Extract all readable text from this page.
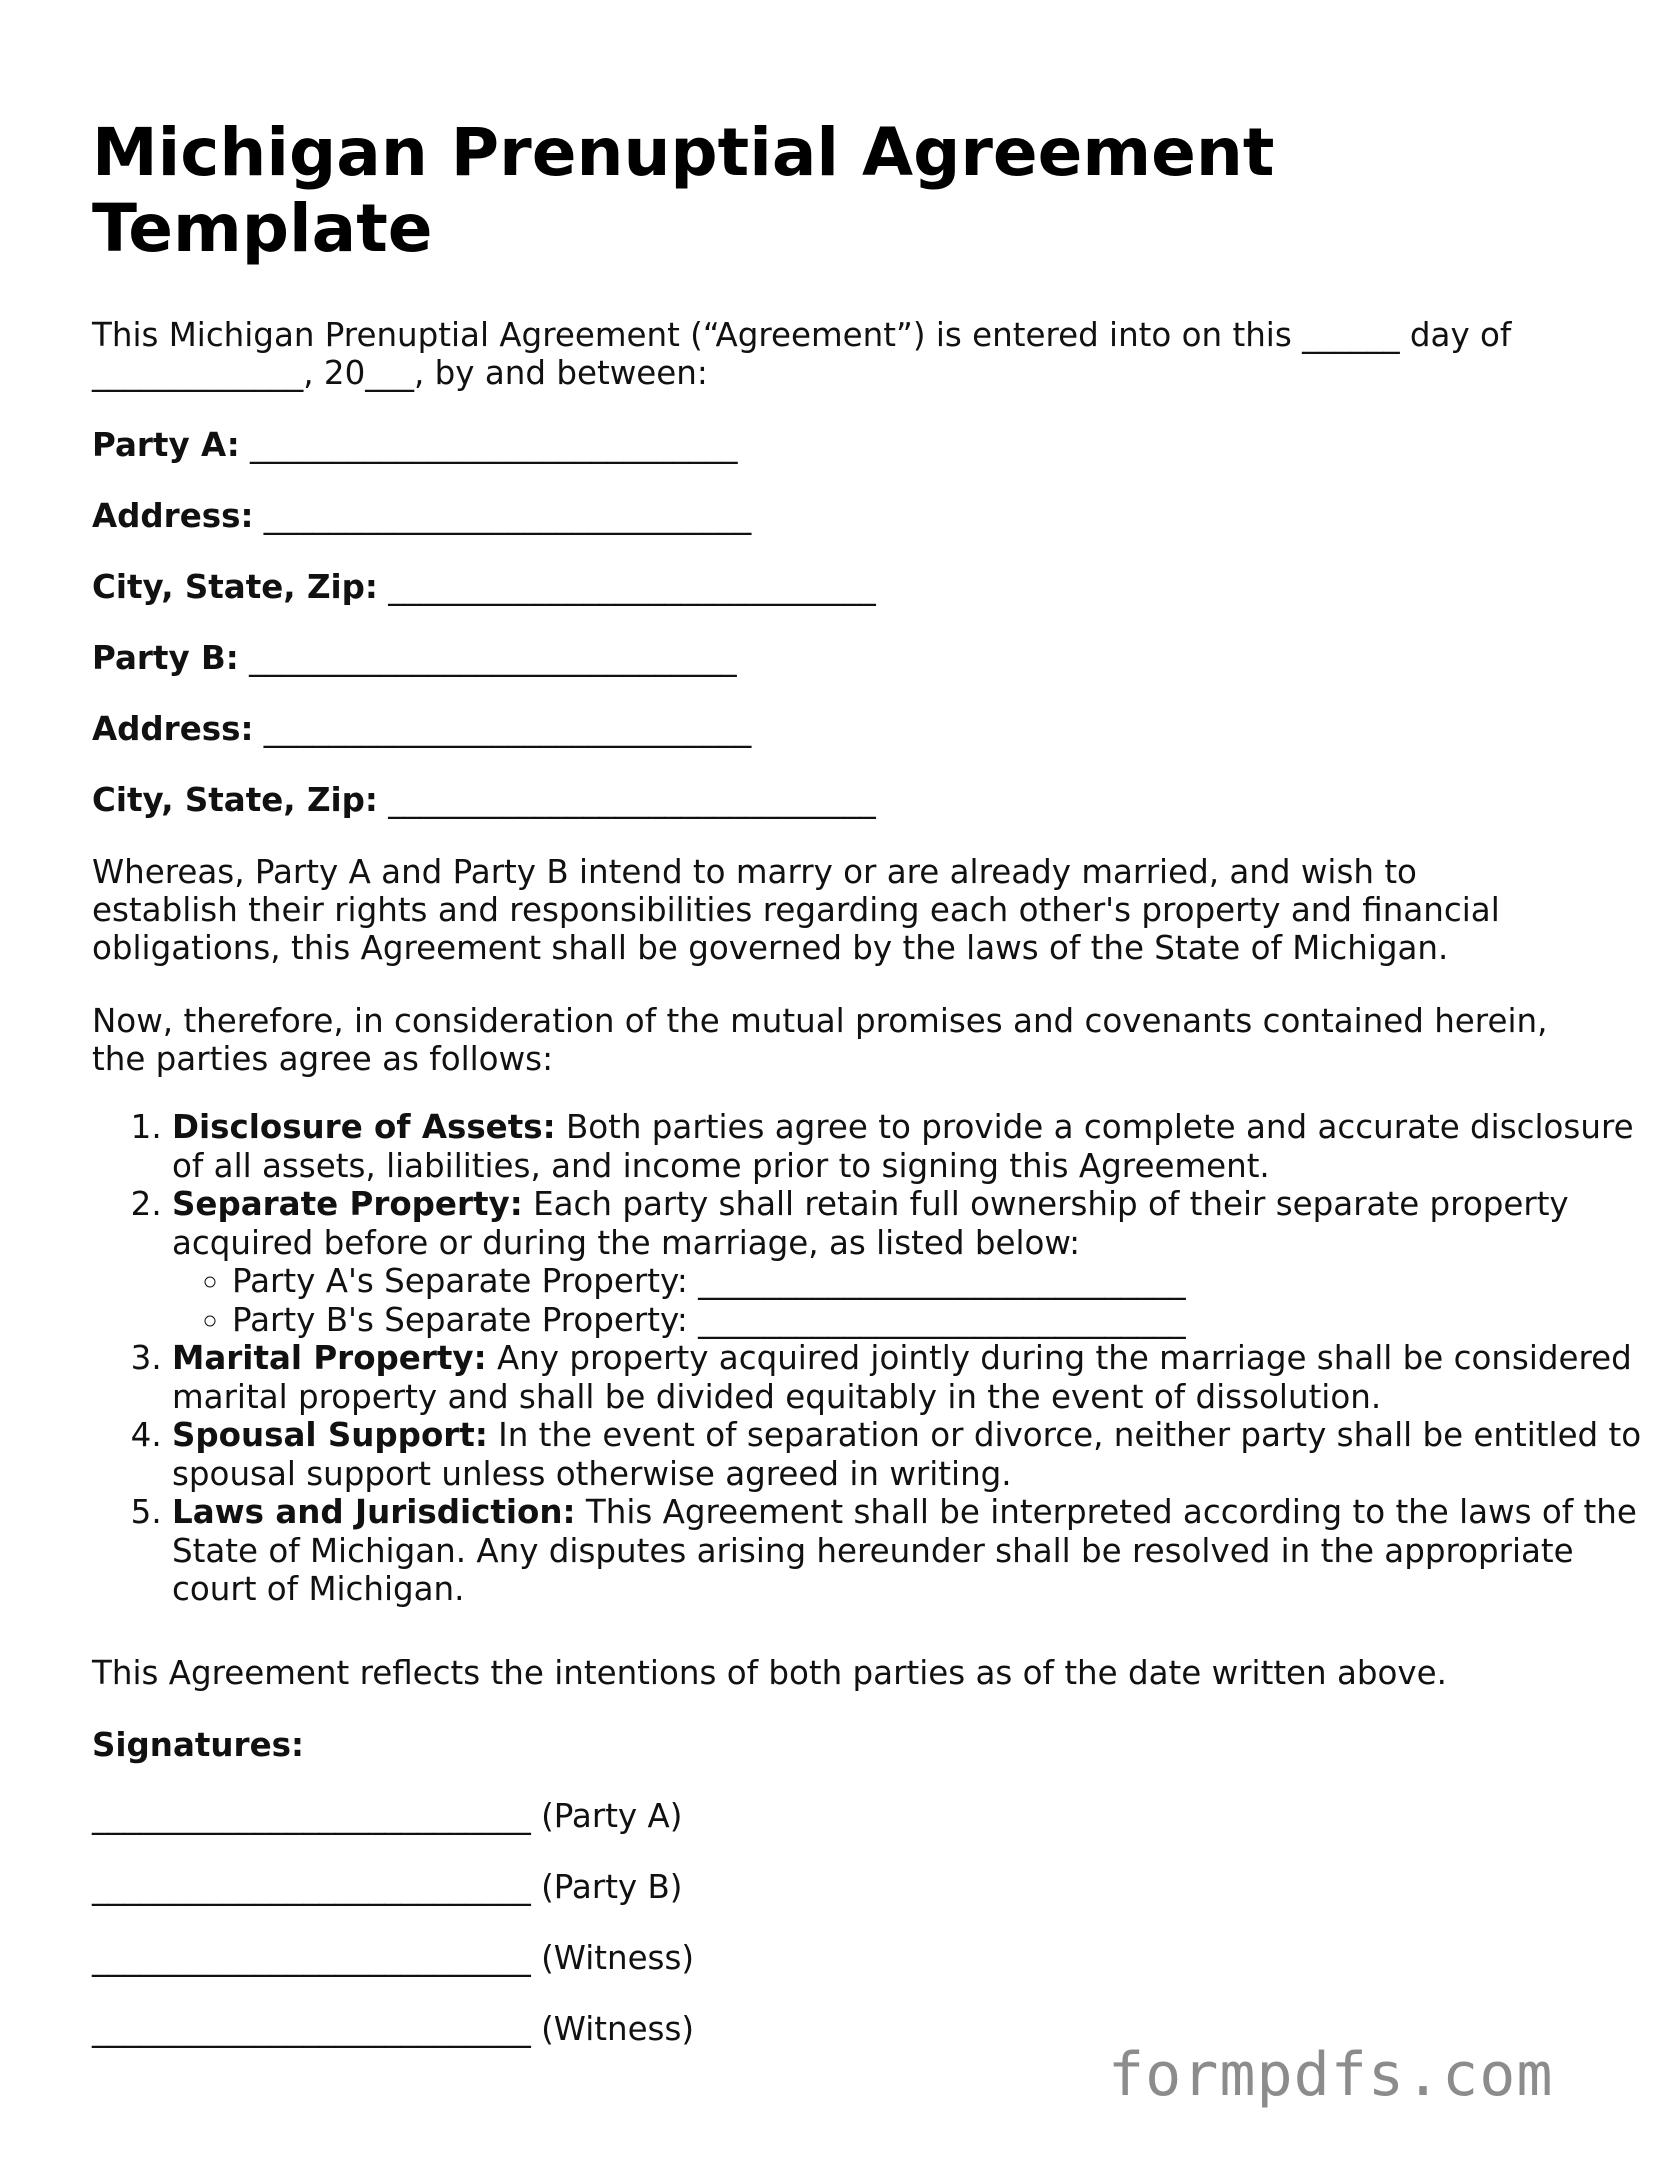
Michigan Prenuptial Agreement Template

This Michigan Prenuptial Agreement (“Agreement”) is entered into on this ______ day of

_____________, 20___, by and between:

Party A: ______________________________

Address: ______________________________

City, State, Zip: ______________________________

Party B: ______________________________

Address: ______________________________

City, State, Zip: ______________________________

Whereas, Party A and Party B intend to marry or are already married, and wish to

establish their rights and responsibilities regarding each other's property and financial

obligations, this Agreement shall be governed by the laws of the State of Michigan.

Now, therefore, in consideration of the mutual promises and covenants contained herein,

the parties agree as follows:

1. Disclosure of Assets: Both parties agree to provide a complete and accurate disclosure of all assets, liabilities, and income prior to signing this Agreement.
2. Separate Property: Each party shall retain full ownership of their separate property acquired before or during the marriage, as listed below:
◦ Party A's Separate Property: ______________________________
◦ Party B's Separate Property: ______________________________
3. Marital Property: Any property acquired jointly during the marriage shall be considered marital property and shall be divided equitably in the event of dissolution.
4. Spousal Support: In the event of separation or divorce, neither party shall be entitled to spousal support unless otherwise agreed in writing.
5. Laws and Jurisdiction: This Agreement shall be interpreted according to the laws of the State of Michigan. Any disputes arising hereunder shall be resolved in the appropriate court of Michigan.

This Agreement reflects the intentions of both parties as of the date written above.

Signatures:

___________________________ (Party A)

___________________________ (Party B)

___________________________ (Witness)

___________________________ (Witness)

formpdfs.com
